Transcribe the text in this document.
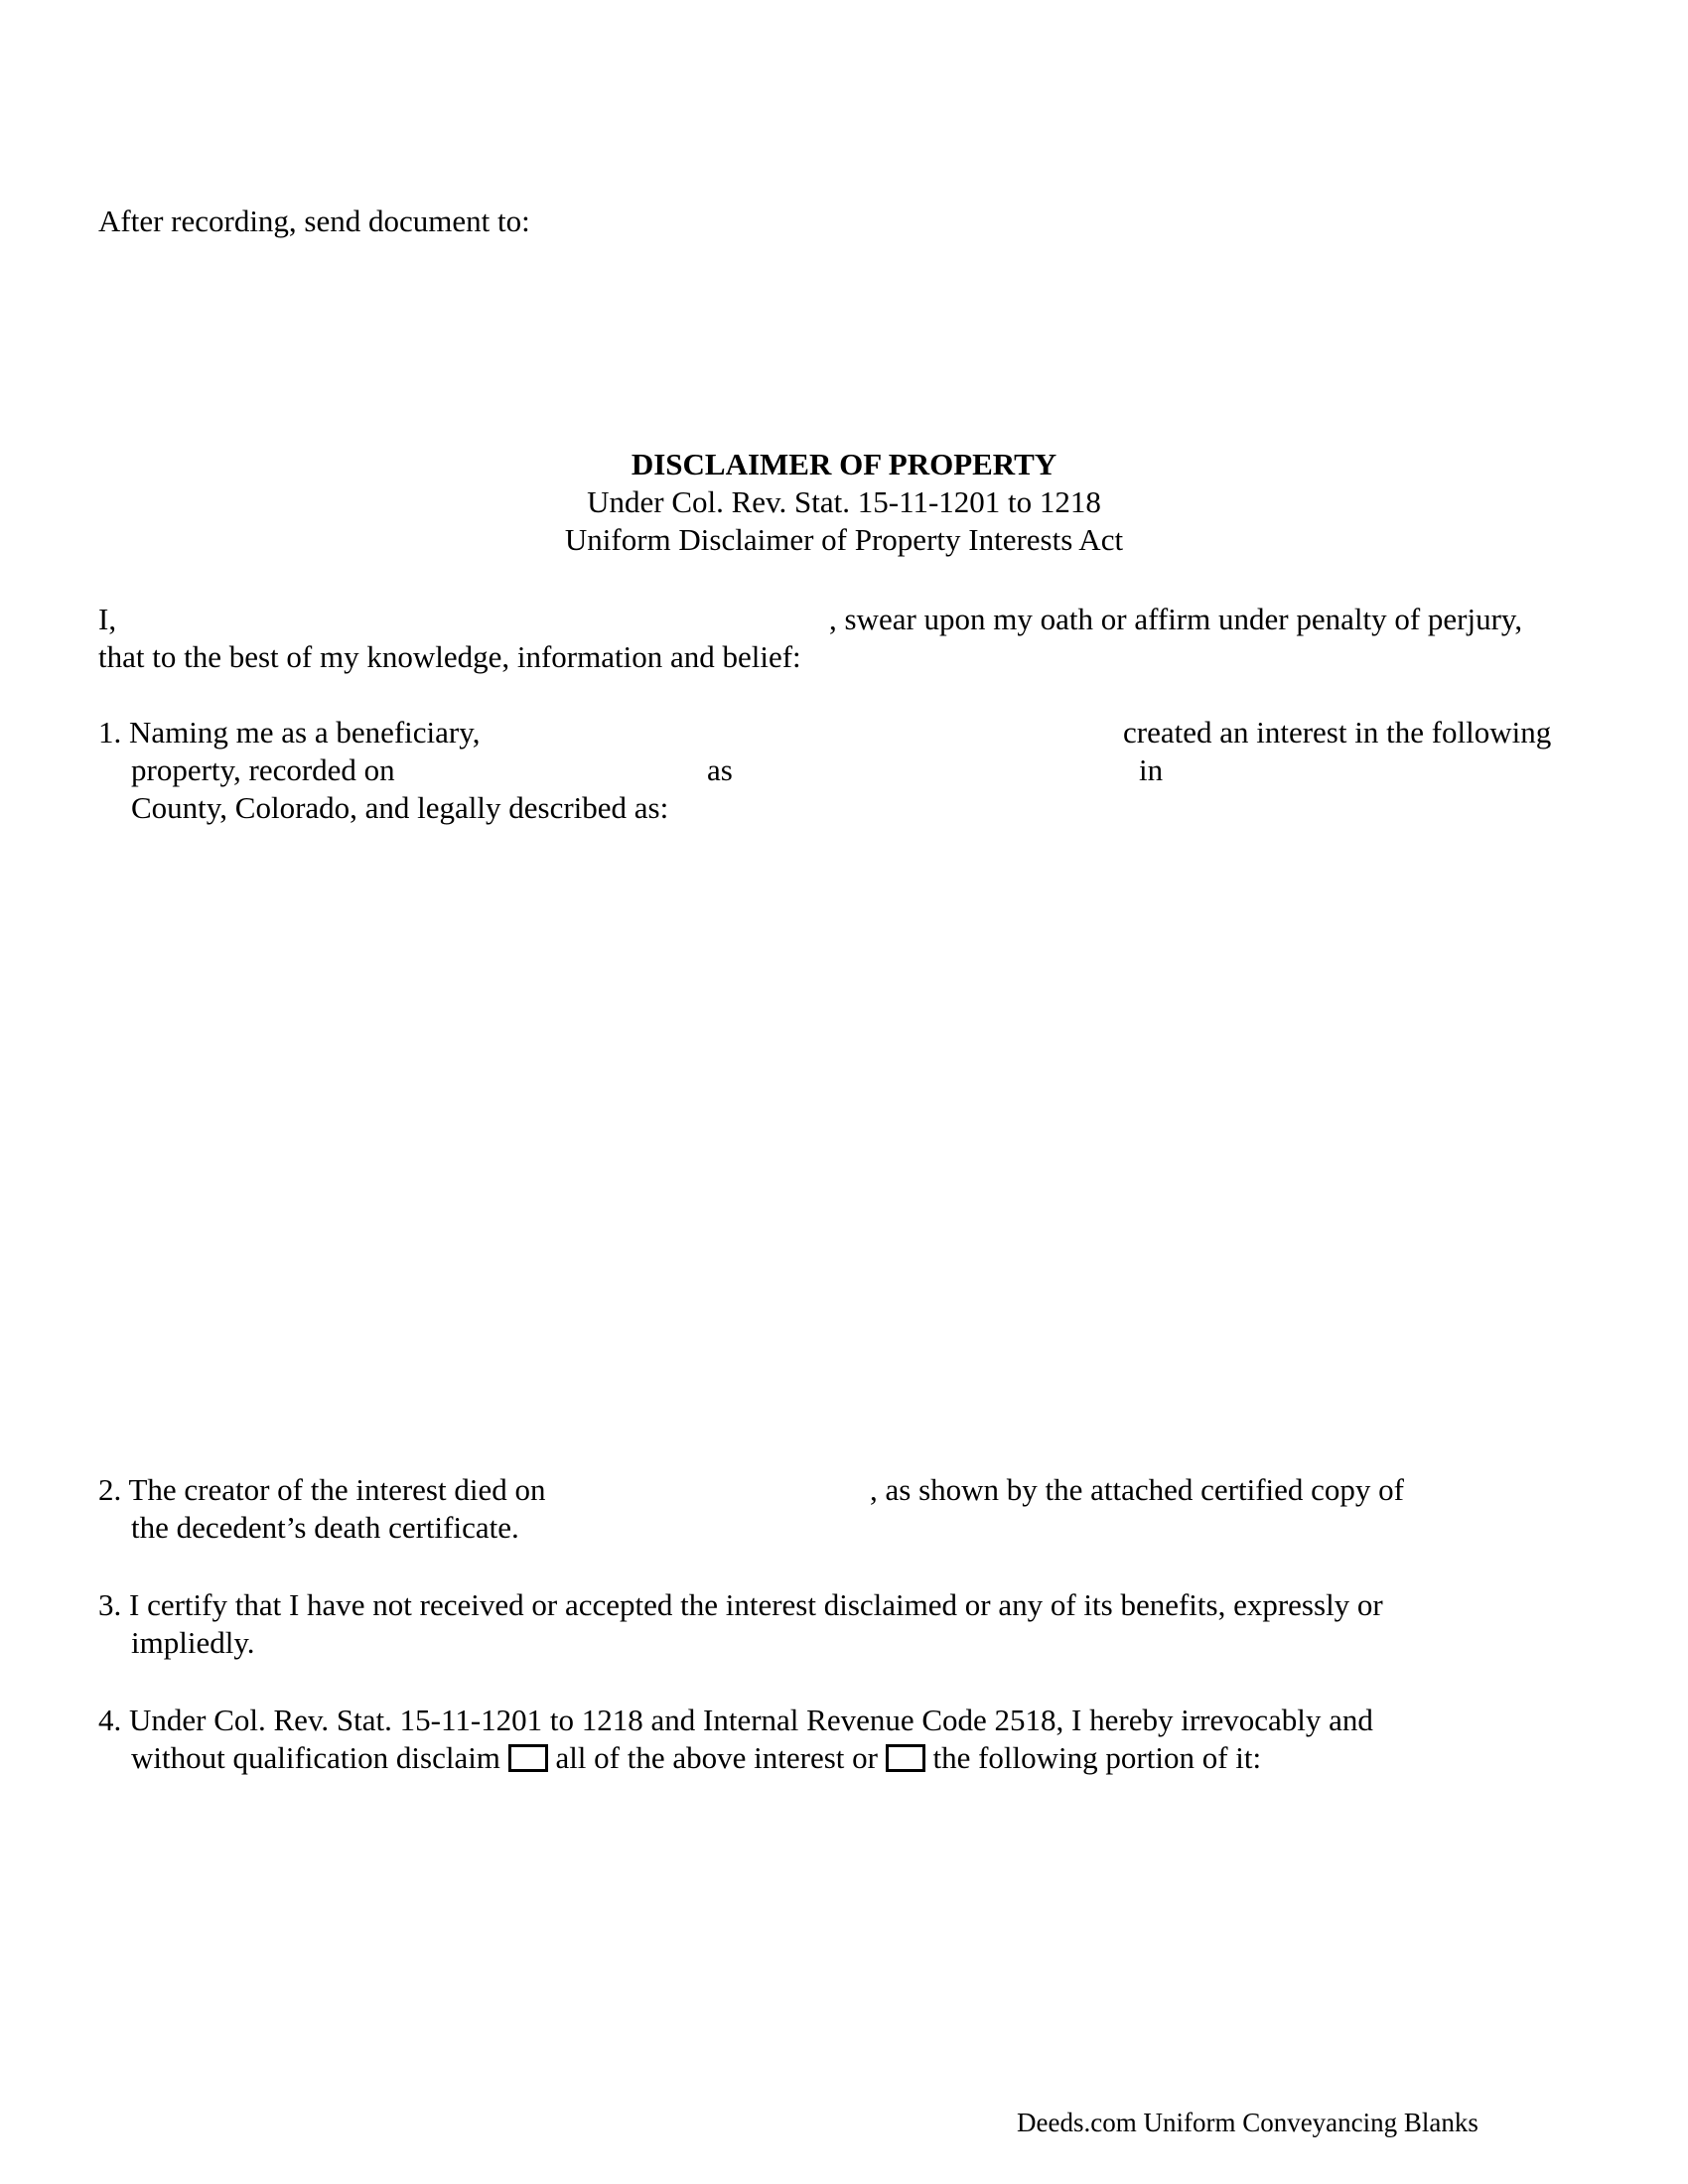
After recording, send document to:
DISCLAIMER OF PROPERTY
Under Col. Rev. Stat. 15-11-1201 to 1218
Uniform Disclaimer of Property Interests Act
I,	, swear upon my oath or affirm under penalty of perjury,
that to the best of my knowledge, information and belief:
1. Naming me as a beneficiary,	created an interest in the following
property, recorded on	as	in
County, Colorado, and legally described as:
2. The creator of the interest died on	, as shown by the attached certified copy of
the decedent’s death certificate.
3. I certify that I have not received or accepted the interest disclaimed or any of its benefits, expressly or
impliedly.
4. Under Col. Rev. Stat. 15-11-1201 to 1218 and Internal Revenue Code 2518, I hereby irrevocably and
without qualification disclaim all of the above interest or the following portion of it:
Deeds.com Uniform Conveyancing Blanks
